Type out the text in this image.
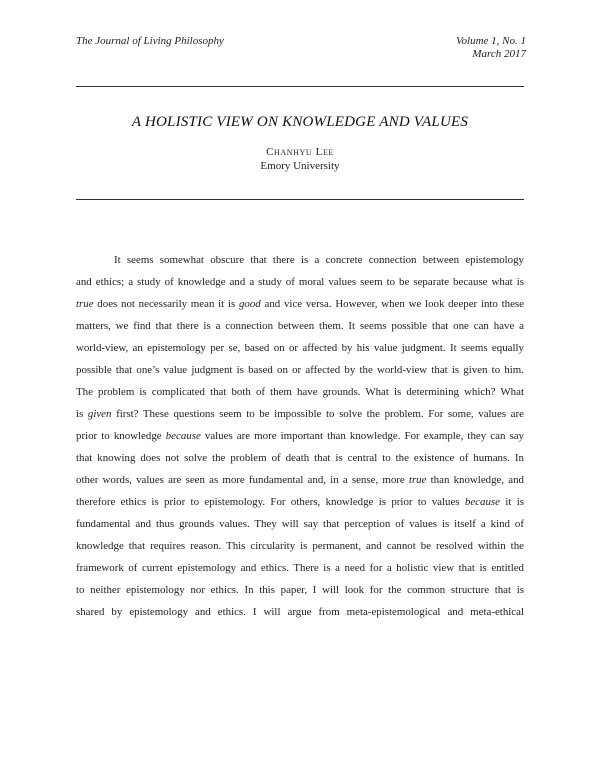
The Journal of Living Philosophy	Volume 1, No. 1
March 2017
A HOLISTIC VIEW ON KNOWLEDGE AND VALUES
Chanhyu Lee
Emory University
It seems somewhat obscure that there is a concrete connection between epistemology
and ethics; a study of knowledge and a study of moral values seem to be separate because what is
true does not necessarily mean it is good and vice versa. However, when we look deeper into these
matters, we find that there is a connection between them. It seems possible that one can have a
world-view, an epistemology per se, based on or affected by his value judgment. It seems equally
possible that one’s value judgment is based on or affected by the world-view that is given to him.
The problem is complicated that both of them have grounds. What is determining which? What
is given first? These questions seem to be impossible to solve the problem. For some, values are
prior to knowledge because values are more important than knowledge. For example, they can say
that knowing does not solve the problem of death that is central to the existence of humans. In
other words, values are seen as more fundamental and, in a sense, more true than knowledge, and
therefore ethics is prior to epistemology. For others, knowledge is prior to values because it is
fundamental and thus grounds values. They will say that perception of values is itself a kind of
knowledge that requires reason. This circularity is permanent, and cannot be resolved within the
framework of current epistemology and ethics. There is a need for a holistic view that is entitled
to neither epistemology nor ethics. In this paper, I will look for the common structure that is
shared by epistemology and ethics. I will argue from meta-epistemological and meta-ethical
